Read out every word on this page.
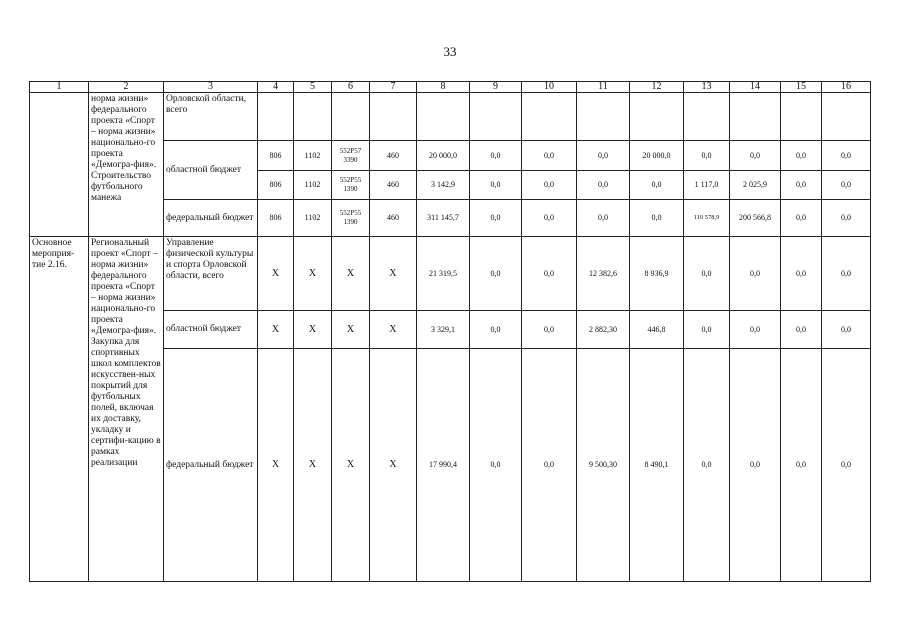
33
1	2	3	4	5	6	7	8	9	10	11	12	13	14	15	16
	норма жизни» федерального проекта «Спорт – норма жизни» национально-го проекта «Демогра-фия». Строительство футбольного манежа	Орловской области, всего													
		областной бюджет	806	1102	552P57 3390	460	20 000,0	0,0	0,0	0,0	20 000,0	0,0	0,0	0,0	0,0
			806	1102	552P55 1390	460	3 142,9	0,0	0,0	0,0	0,0	1 117,0	2 025,9	0,0	0,0
		федеральный бюджет	806	1102	552P55 1390	460	311 145,7	0,0	0,0	0,0	0,0	110 578,9	200 566,8	0,0	0,0
Основное мероприя-тие 2.16.	Региональный проект «Спорт – норма жизни» федерального проекта «Спорт – норма жизни» национально-го проекта «Демогра-фия». Закупка для спортивных школ комплектов искусствен-ных покрытий для футбольных полей, включая их доставку, укладку и сертифи-кацию в рамках реализации	Управление физической культуры и спорта Орловской области, всего	X	X	X	X	21 319,5	0,0	0,0	12 382,6	8 936,9	0,0	0,0	0,0	0,0
		областной бюджет	X	X	X	X	3 329,1	0,0	0,0	2 882,30	446,8	0,0	0,0	0,0	0,0
		федеральный бюджет	X	X	X	X	17 990,4	0,0	0,0	9 500,30	8 490,1	0,0	0,0	0,0	0,0
